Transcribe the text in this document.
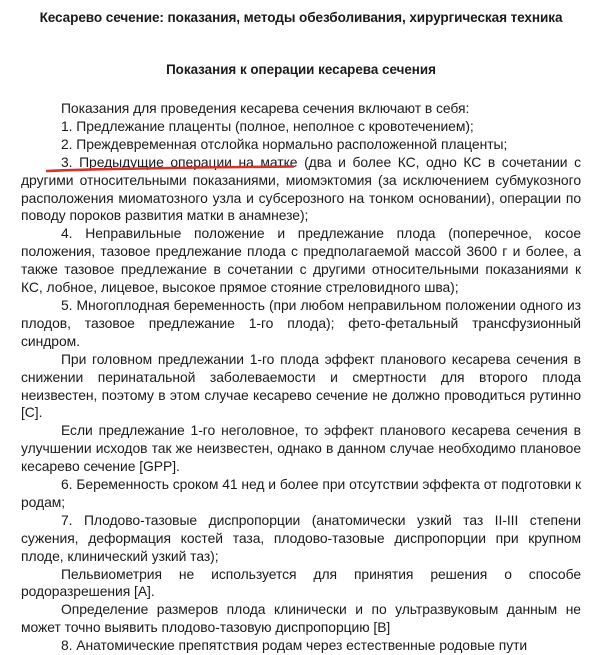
Кесарево сечение: показания, методы обезболивания, хирургическая техника
Показания к операции кесарева сечения

Показания для проведения кесарева сечения включают в себя:

1. Предлежание плаценты (полное, неполное с кровотечением);

2. Преждевременная отслойка нормально расположенной плаценты;

3. Предыдущие операции на матке (два и более КС, одно КС в сочетании с другими относительными показаниями, миомэктомия (за исключением субмукозного расположения миоматозного узла и субсерозного на тонком основании), операции по поводу пороков развития матки в анамнезе);

4. Неправильные положение и предлежание плода (поперечное, косое положения, тазовое предлежание плода с предполагаемой массой 3600 г и более, а также тазовое предлежание в сочетании с другими относительными показаниями к КС, лобное, лицевое, высокое прямое стояние стреловидного шва);

5. Многоплодная беременность (при любом неправильном положении одного из плодов, тазовое предлежание 1-го плода); фето-фетальный трансфузионный синдром.

При головном предлежании 1-го плода эффект планового кесарева сечения в снижении перинатальной заболеваемости и смертности для второго плода неизвестен, поэтому в этом случае кесарево сечение не должно проводиться рутинно [C].

Если предлежание 1-го неголовное, то эффект планового кесарева сечения в улучшении исходов так же неизвестен, однако в данном случае необходимо плановое кесарево сечение [GPP].

6. Беременность сроком 41 нед и более при отсутствии эффекта от подготовки к родам;

7. Плодово-тазовые диспропорции (анатомически узкий таз II-III степени сужения, деформация костей таза, плодово-тазовые диспропорции при крупном плоде, клинический узкий таз);

Пельвиометрия не используется для принятия решения о способе родоразрешения [A].

Определение размеров плода клинически и по ультразвуковым данным не может точно выявить плодово-тазовую диспропорцию [B]

8. Анатомические препятствия родам через естественные родовые пути
